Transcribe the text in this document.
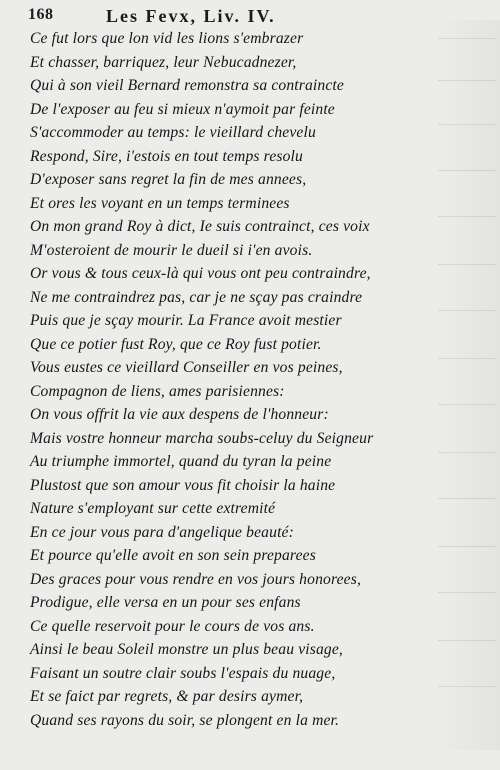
168	Les Fevx, Liv. IV.
Ce fut lors que lon vid les lions s'embrazer
Et chasser, barriquez, leur Nebucadnezer,
Qui à son vieil Bernard remonstra sa contraincte
De l'exposer au feu si mieux n'aymoit par feinte
S'accommoder au temps: le vieillard chevelu
Respond, Sire, i'estois en tout temps resolu
D'exposer sans regret la fin de mes annees,
Et ores les voyant en un temps terminees
On mon grand Roy à dict, Ie suis contrainct, ces voix
M'osteroient de mourir le dueil si i'en avois.
Or vous & tous ceux-là qui vous ont peu contraindre,
Ne me contraindrez pas, car je ne sçay pas craindre
Puis que je sçay mourir. La France avoit mestier
Que ce potier fust Roy, que ce Roy fust potier.
Vous eustes ce vieillard Conseiller en vos peines,
Compagnon de liens, ames parisiennes:
On vous offrit la vie aux despens de l'honneur:
Mais vostre honneur marcha soubs-celuy du Seigneur
Au triumphe immortel, quand du tyran la peine
Plustost que son amour vous fit choisir la haine
Nature s'employant sur cette extremité
En ce jour vous para d'angelique beauté:
Et pource qu'elle avoit en son sein preparees
Des graces pour vous rendre en vos jours honorees,
Prodigue, elle versa en un pour ses enfans
Ce quelle reservoit pour le cours de vos ans.
Ainsi le beau Soleil monstre un plus beau visage,
Faisant un soutre clair soubs l'espais du nuage,
Et se faict par regrets, & par desirs aymer,
Quand ses rayons du soir, se plongent en la mer.
